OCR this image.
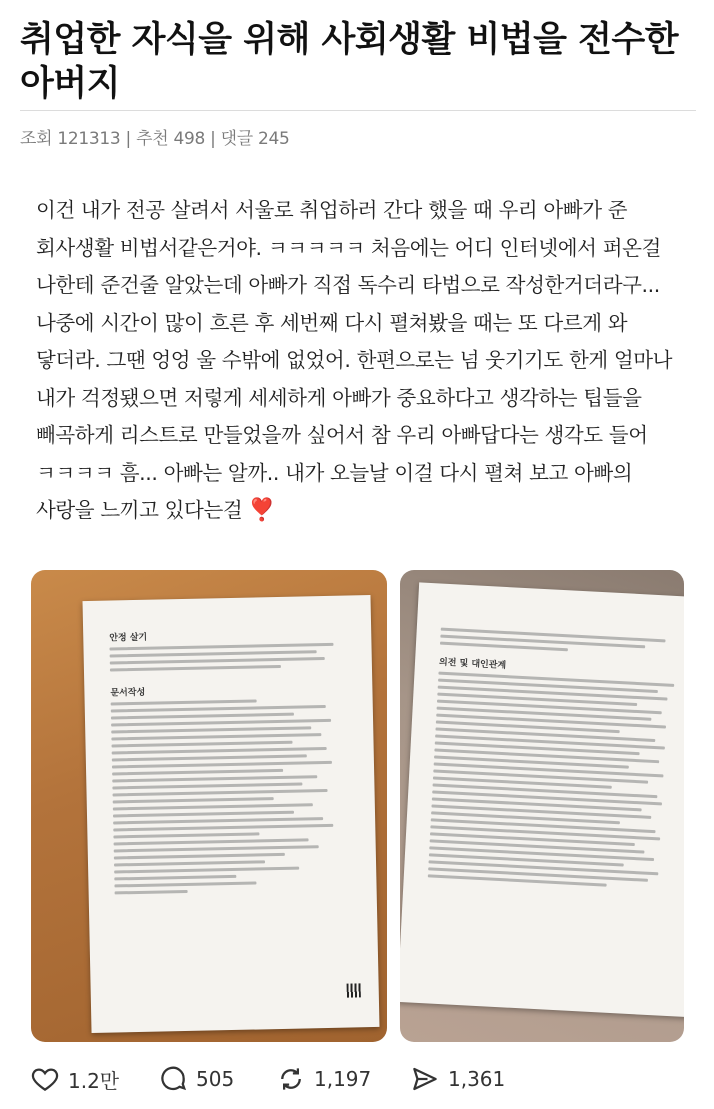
취업한 자식을 위해 사회생활 비법을 전수한 아버지
조회 121313 | 추천 498 | 댓글 245

이건 내가 전공 살려서 서울로 취업하러 간다 했을 때 우리 아빠가 준 회사생활 비법서같은거야. ㅋㅋㅋㅋㅋ 처음에는 어디 인터넷에서 퍼온걸 나한테 준건줄 알았는데 아빠가 직접 독수리 타법으로 작성한거더라구... 나중에 시간이 많이 흐른 후 세번째 다시 펼쳐봤을 때는 또 다르게 와 닿더라. 그땐 엉엉 울 수밖에 없었어. 한편으로는 넘 웃기기도 한게 얼마나 내가 걱정됐으면 저렇게 세세하게 아빠가 중요하다고 생각하는 팁들을 빼곡하게 리스트로 만들었을까 싶어서 참 우리 아빠답다는 생각도 들어 ㅋㅋㅋㅋ 흠... 아빠는 알까.. 내가 오늘날 이걸 다시 펼쳐 보고 아빠의 사랑을 느끼고 있다는걸 ❣️

안정 살기
문서작성
의전 및 대인관계
1.2만	505	1,197	1,361
